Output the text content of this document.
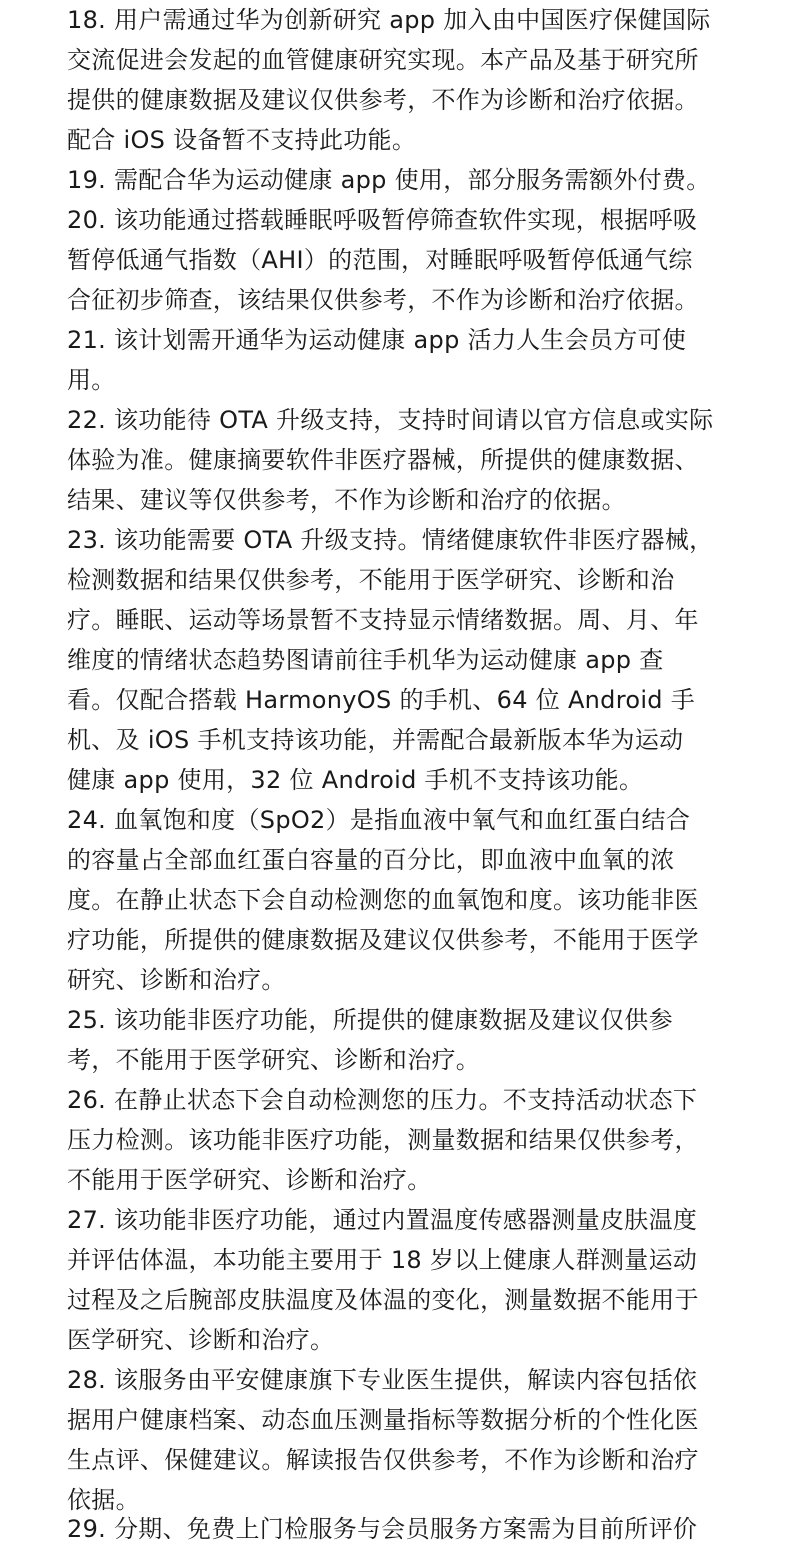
18. 用户需通过华为创新研究 app 加入由中国医疗保健国际
交流促进会发起的血管健康研究实现。本产品及基于研究所
提供的健康数据及建议仅供参考，不作为诊断和治疗依据。
配合 iOS 设备暂不支持此功能。
19. 需配合华为运动健康 app 使用，部分服务需额外付费。
20. 该功能通过搭载睡眠呼吸暂停筛查软件实现，根据呼吸
暂停低通气指数（AHI）的范围，对睡眠呼吸暂停低通气综
合征初步筛查，该结果仅供参考，不作为诊断和治疗依据。
21. 该计划需开通华为运动健康 app 活力人生会员方可使
用。
22. 该功能待 OTA 升级支持，支持时间请以官方信息或实际
体验为准。健康摘要软件非医疗器械，所提供的健康数据、
结果、建议等仅供参考，不作为诊断和治疗的依据。
23. 该功能需要 OTA 升级支持。情绪健康软件非医疗器械，
检测数据和结果仅供参考，不能用于医学研究、诊断和治
疗。睡眠、运动等场景暂不支持显示情绪数据。周、月、年
维度的情绪状态趋势图请前往手机华为运动健康 app 查
看。仅配合搭载 HarmonyOS 的手机、64 位 Android 手
机、及 iOS 手机支持该功能，并需配合最新版本华为运动
健康 app 使用，32 位 Android 手机不支持该功能。
24. 血氧饱和度（SpO2）是指血液中氧气和血红蛋白结合
的容量占全部血红蛋白容量的百分比，即血液中血氧的浓
度。在静止状态下会自动检测您的血氧饱和度。该功能非医
疗功能，所提供的健康数据及建议仅供参考，不能用于医学
研究、诊断和治疗。
25. 该功能非医疗功能，所提供的健康数据及建议仅供参
考，不能用于医学研究、诊断和治疗。
26. 在静止状态下会自动检测您的压力。不支持活动状态下
压力检测。该功能非医疗功能，测量数据和结果仅供参考，
不能用于医学研究、诊断和治疗。
27. 该功能非医疗功能，通过内置温度传感器测量皮肤温度
并评估体温，本功能主要用于 18 岁以上健康人群测量运动
过程及之后腕部皮肤温度及体温的变化，测量数据不能用于
医学研究、诊断和治疗。
28. 该服务由平安健康旗下专业医生提供，解读内容包括依
据用户健康档案、动态血压测量指标等数据分析的个性化医
生点评、保健建议。解读报告仅供参考，不作为诊断和治疗
依据。
29. 分期、免费上门检服务与会员服务方案需为目前所评价
